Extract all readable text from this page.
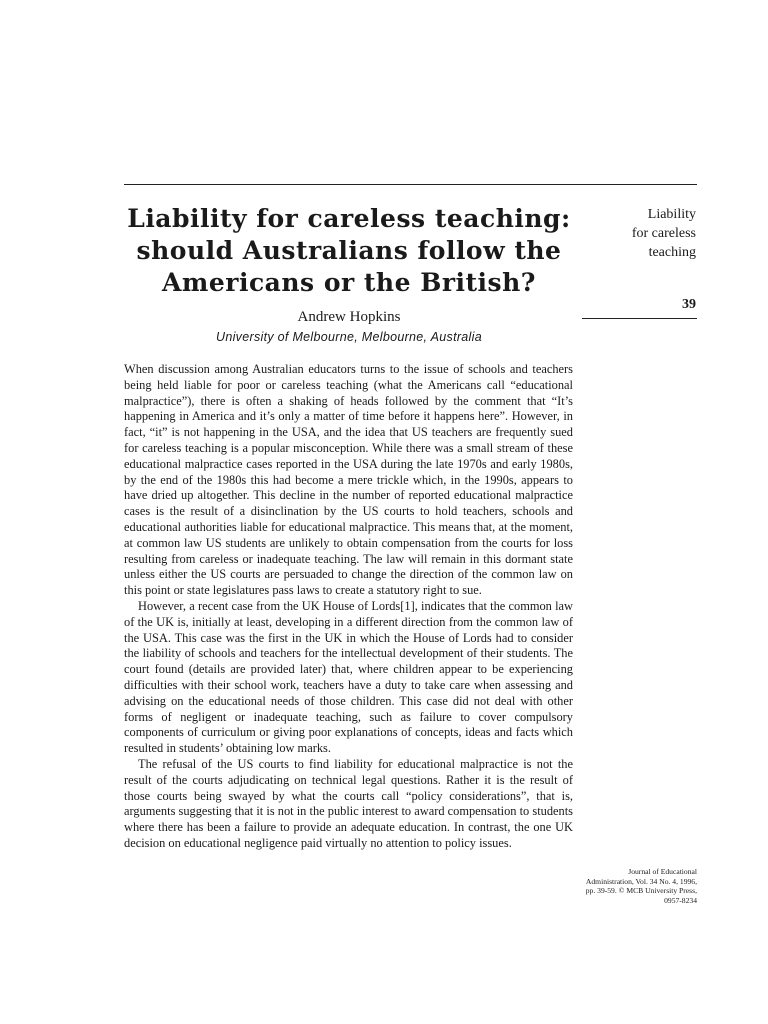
Liability for careless teaching:
should Australians follow the
Americans or the British?
Andrew Hopkins
University of Melbourne, Melbourne, Australia
Liability
for careless
teaching
39

When discussion among Australian educators turns to the issue of schools and teachers being held liable for poor or careless teaching (what the Americans call “educational malpractice”), there is often a shaking of heads followed by the comment that “It’s happening in America and it’s only a matter of time before it happens here”. However, in fact, “it” is not happening in the USA, and the idea that US teachers are frequently sued for careless teaching is a popular misconception. While there was a small stream of these educational malpractice cases reported in the USA during the late 1970s and early 1980s, by the end of the 1980s this had become a mere trickle which, in the 1990s, appears to have dried up altogether. This decline in the number of reported educational malpractice cases is the result of a disinclination by the US courts to hold teachers, schools and educational authorities liable for educational malpractice. This means that, at the moment, at common law US students are unlikely to obtain compensation from the courts for loss resulting from careless or inadequate teaching. The law will remain in this dormant state unless either the US courts are persuaded to change the direction of the common law on this point or state legislatures pass laws to create a statutory right to sue.

However, a recent case from the UK House of Lords[1], indicates that the common law of the UK is, initially at least, developing in a different direction from the common law of the USA. This case was the first in the UK in which the House of Lords had to consider the liability of schools and teachers for the intellectual development of their students. The court found (details are provided later) that, where children appear to be experiencing difficulties with their school work, teachers have a duty to take care when assessing and advising on the educational needs of those children. This case did not deal with other forms of negligent or inadequate teaching, such as failure to cover compulsory components of curriculum or giving poor explanations of concepts, ideas and facts which resulted in students’ obtaining low marks.

The refusal of the US courts to find liability for educational malpractice is not the result of the courts adjudicating on technical legal questions. Rather it is the result of those courts being swayed by what the courts call “policy considerations”, that is, arguments suggesting that it is not in the public interest to award compensation to students where there has been a failure to provide an adequate education. In contrast, the one UK decision on educational negligence paid virtually no attention to policy issues.

Journal of Educational
Administration, Vol. 34 No. 4, 1996,
pp. 39-59. © MCB University Press,
0957-8234
